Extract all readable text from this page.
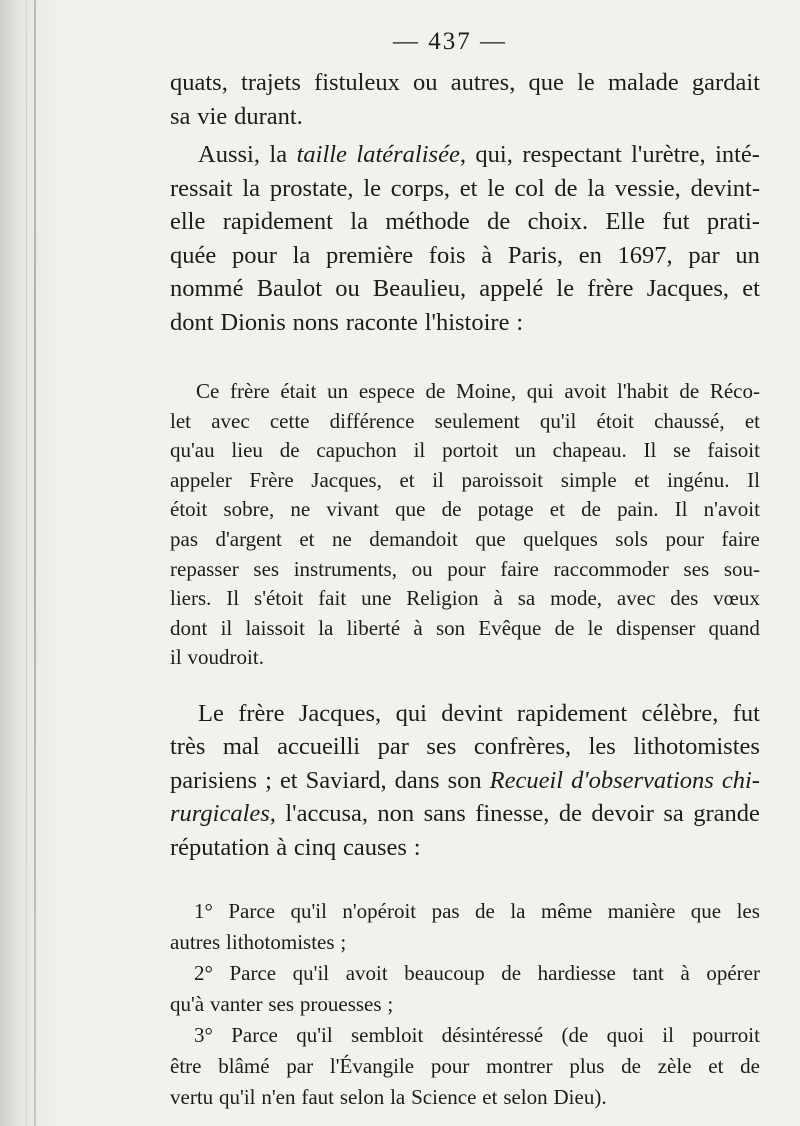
— 437 —
quats, trajets fistuleux ou autres, que le malade gardait
sa vie durant.
Aussi, la taille latéralisée, qui, respectant l'urètre, inté-
ressait la prostate, le corps, et le col de la vessie, devint-
elle rapidement la méthode de choix. Elle fut prati-
quée pour la première fois à Paris, en 1697, par un
nommé Baulot ou Beaulieu, appelé le frère Jacques, et
dont Dionis nons raconte l'histoire :
Ce frère était un espece de Moine, qui avoit l'habit de Réco-
let avec cette différence seulement qu'il étoit chaussé, et
qu'au lieu de capuchon il portoit un chapeau. Il se faisoit
appeler Frère Jacques, et il paroissoit simple et ingénu. Il
étoit sobre, ne vivant que de potage et de pain. Il n'avoit
pas d'argent et ne demandoit que quelques sols pour faire
repasser ses instruments, ou pour faire raccommoder ses sou-
liers. Il s'étoit fait une Religion à sa mode, avec des vœux
dont il laissoit la liberté à son Evêque de le dispenser quand
il voudroit.
Le frère Jacques, qui devint rapidement célèbre, fut
très mal accueilli par ses confrères, les lithotomistes
parisiens ; et Saviard, dans son Recueil d'observations chi-
rurgicales, l'accusa, non sans finesse, de devoir sa grande
réputation à cinq causes :
1° Parce qu'il n'opéroit pas de la même manière que les
autres lithotomistes ;
2° Parce qu'il avoit beaucoup de hardiesse tant à opérer
qu'à vanter ses prouesses ;
3° Parce qu'il sembloit désintéressé (de quoi il pourroit
être blâmé par l'Évangile pour montrer plus de zèle et de
vertu qu'il n'en faut selon la Science et selon Dieu).
